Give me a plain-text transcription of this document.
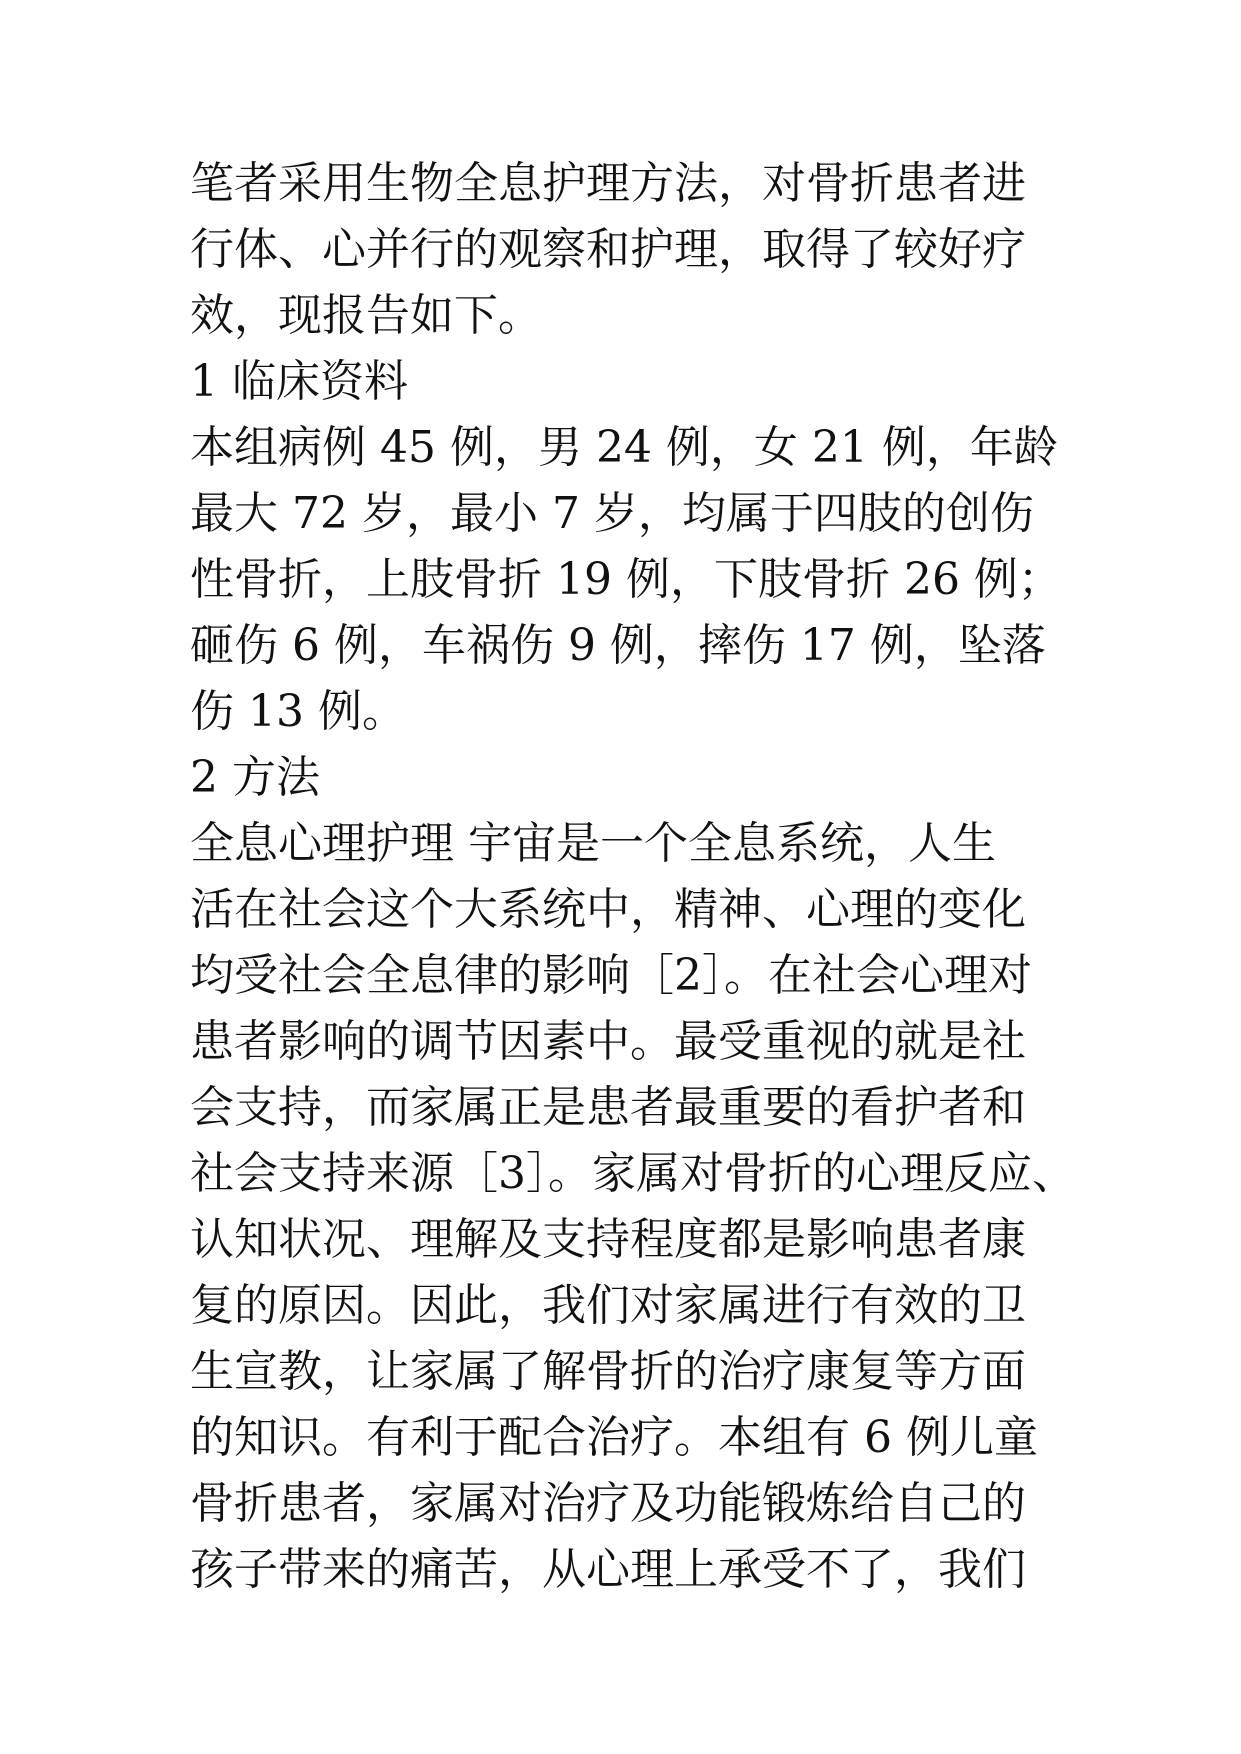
笔者采用生物全息护理方法，对骨折患者进
行体、心并行的观察和护理，取得了较好疗
效，现报告如下。
1 临床资料
本组病例 45 例，男 24 例，女 21 例，年龄
最大 72 岁，最小 7 岁，均属于四肢的创伤
性骨折，上肢骨折 19 例，下肢骨折 26 例；
砸伤 6 例，车祸伤 9 例，摔伤 17 例，坠落
伤 13 例。
2 方法
全息心理护理 宇宙是一个全息系统，人生
活在社会这个大系统中，精神、心理的变化
均受社会全息律的影响［2］。在社会心理对
患者影响的调节因素中。最受重视的就是社
会支持，而家属正是患者最重要的看护者和
社会支持来源［3］。家属对骨折的心理反应、
认知状况、理解及支持程度都是影响患者康
复的原因。因此，我们对家属进行有效的卫
生宣教，让家属了解骨折的治疗康复等方面
的知识。有利于配合治疗。本组有 6 例儿童
骨折患者，家属对治疗及功能锻炼给自己的
孩子带来的痛苦，从心理上承受不了，我们
